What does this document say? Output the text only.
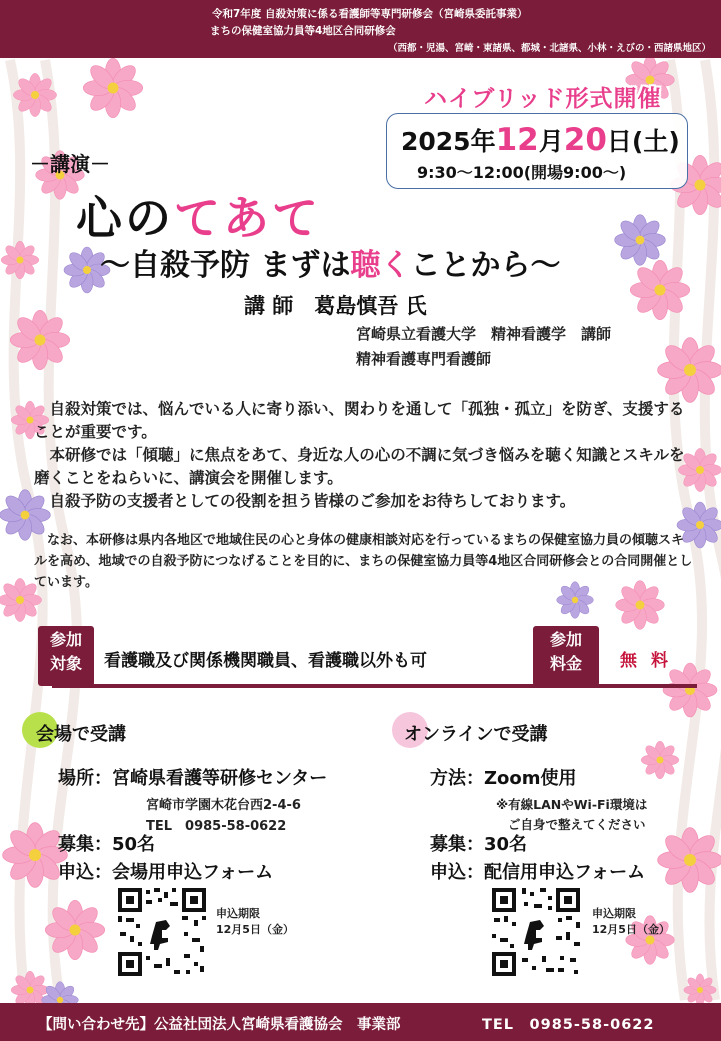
令和7年度 自殺対策に係る看護師等専門研修会（宮崎県委託事業）
まちの保健室協力員等4地区合同研修会
（西都・児湯、宮崎・東諸県、都城・北諸県、小林・えびの・西諸県地区）
ハイブリッド形式開催
2025年12月20日(土)
9:30～12:00(開場9:00～)
－講演－
心のてあて
～自殺予防 まずは聴くことから～
講 師　葛島慎吾 氏
宮崎県立看護大学　精神看護学　講師
精神看護専門看護師
　自殺対策では、悩んでいる人に寄り添い、関わりを通して「孤独・孤立」を防ぎ、支援することが重要です。
　本研修では「傾聴」に焦点をあて、身近な人の心の不調に気づき悩みを聴く知識とスキルを磨くことをねらいに、講演会を開催します。
　自殺予防の支援者としての役割を担う皆様のご参加をお待ちしております。
　なお、本研修は県内各地区で地域住民の心と身体の健康相談対応を行っているまちの保健室協力員の傾聴スキルを高め、地域での自殺予防につなげることを目的に、まちの保健室協力員等4地区合同研修会との合同開催としています。
参加
対象	看護職及び関係機関職員、看護職以外も可
参加
料金	無料
会場で受講	オンラインで受講
場所：宮崎県看護等研修センター
宮崎市学園木花台西2-4-6
TEL　0985-58-0622
募集：50名
申込：会場用申込フォーム
方法：Zoom使用
※有線LANやWi-Fi環境は
ご自身で整えてください
募集：30名
申込：配信用申込フォーム
申込期限
12月5日（金）
申込期限
12月5日（金）
【問い合わせ先】公益社団法人宮崎県看護協会　事業部	TEL　0985-58-0622
